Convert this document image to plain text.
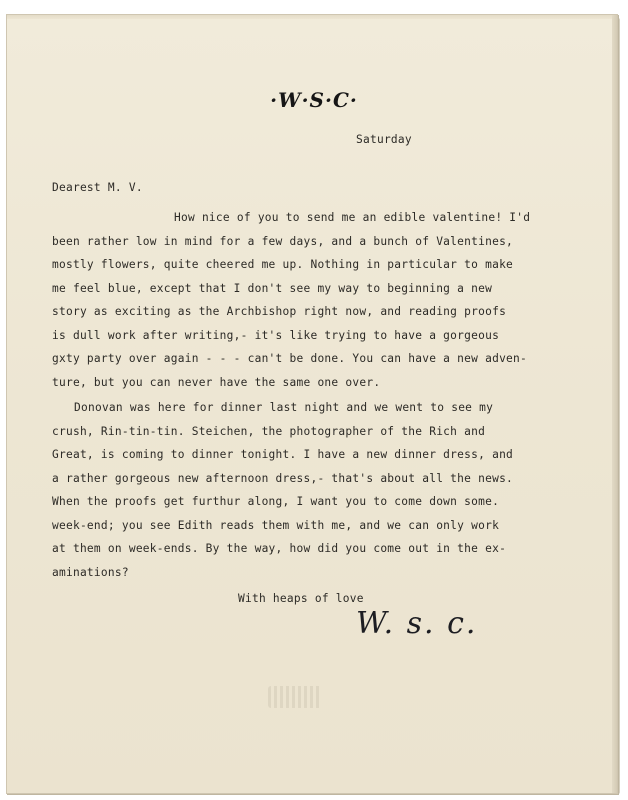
·W·S·C·
Saturday
Dearest M. V.
How nice of you to send me an edible valentine! I'd
been rather low in mind for a few days, and a bunch of Valentines,
mostly flowers, quite cheered me up. Nothing in particular to make
me feel blue, except that I don't see my way to beginning a new
story as exciting as the Archbishop right now, and reading proofs
is dull work after writing,- it's like trying to have a gorgeous
gxty party over again - - - can't be done. You can have a new adven-
ture, but you can never have the same one over.
Donovan was here for dinner last night and we went to see my
crush, Rin-tin-tin. Steichen, the photographer of the Rich and
Great, is coming to dinner tonight. I have a new dinner dress, and
a rather gorgeous new afternoon dress,- that's about all the news.
When the proofs get furthur along, I want you to come down some.
week-end; you see Edith reads them with me, and we can only work
at them on week-ends. By the way, how did you come out in the ex-
aminations?
With heaps of love
W. s. c.
